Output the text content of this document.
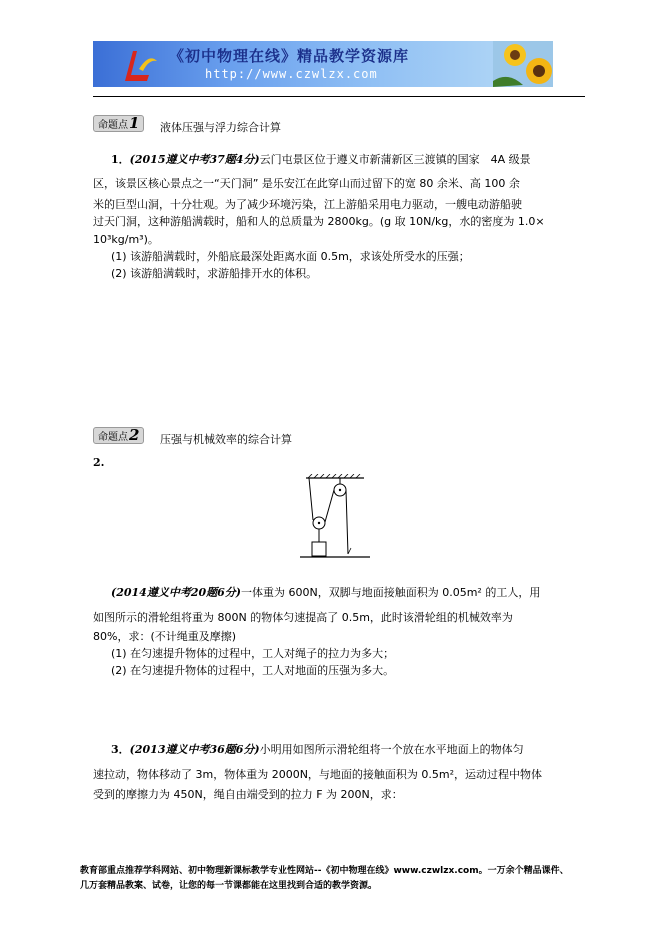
《初中物理在线》精品教学资源库
http://www.czwlzx.com
命题点1	液体压强与浮力综合计算
1．(2015遵义中考37题4分)云门屯景区位于遵义市新蒲新区三渡镇的国家　4A 级景
区，该景区核心景点之一“天门洞” 是乐安江在此穿山而过留下的宽 80 余米、高 100 余
米的巨型山洞，十分壮观。为了减少环境污染，江上游船采用电力驱动，一艘电动游船驶
过天门洞，这种游船满载时，船和人的总质量为 2800kg。(g 取 10N/kg，水的密度为 1.0×
10³kg/m³)。
(1) 该游船满载时，外船底最深处距离水面 0.5m，求该处所受水的压强；
(2) 该游船满载时，求游船排开水的体积。
命题点2	压强与机械效率的综合计算
2.
(2014遵义中考20题6分)一体重为 600N，双脚与地面接触面积为 0.05m² 的工人，用
如图所示的滑轮组将重为 800N 的物体匀速提高了 0.5m，此时该滑轮组的机械效率为
80%，求：(不计绳重及摩擦)
(1) 在匀速提升物体的过程中，工人对绳子的拉力为多大；
(2) 在匀速提升物体的过程中，工人对地面的压强为多大。
3．(2013遵义中考36题6分)小明用如图所示滑轮组将一个放在水平地面上的物体匀
速拉动，物体移动了 3m，物体重为 2000N，与地面的接触面积为 0.5m²，运动过程中物体
受到的摩擦力为 450N，绳自由端受到的拉力 F 为 200N，求：
教育部重点推荐学科网站、初中物理新课标教学专业性网站--《初中物理在线》www.czwlzx.com。一万余个精品课件、
几万套精品教案、试卷，让您的每一节课都能在这里找到合适的教学资源。
